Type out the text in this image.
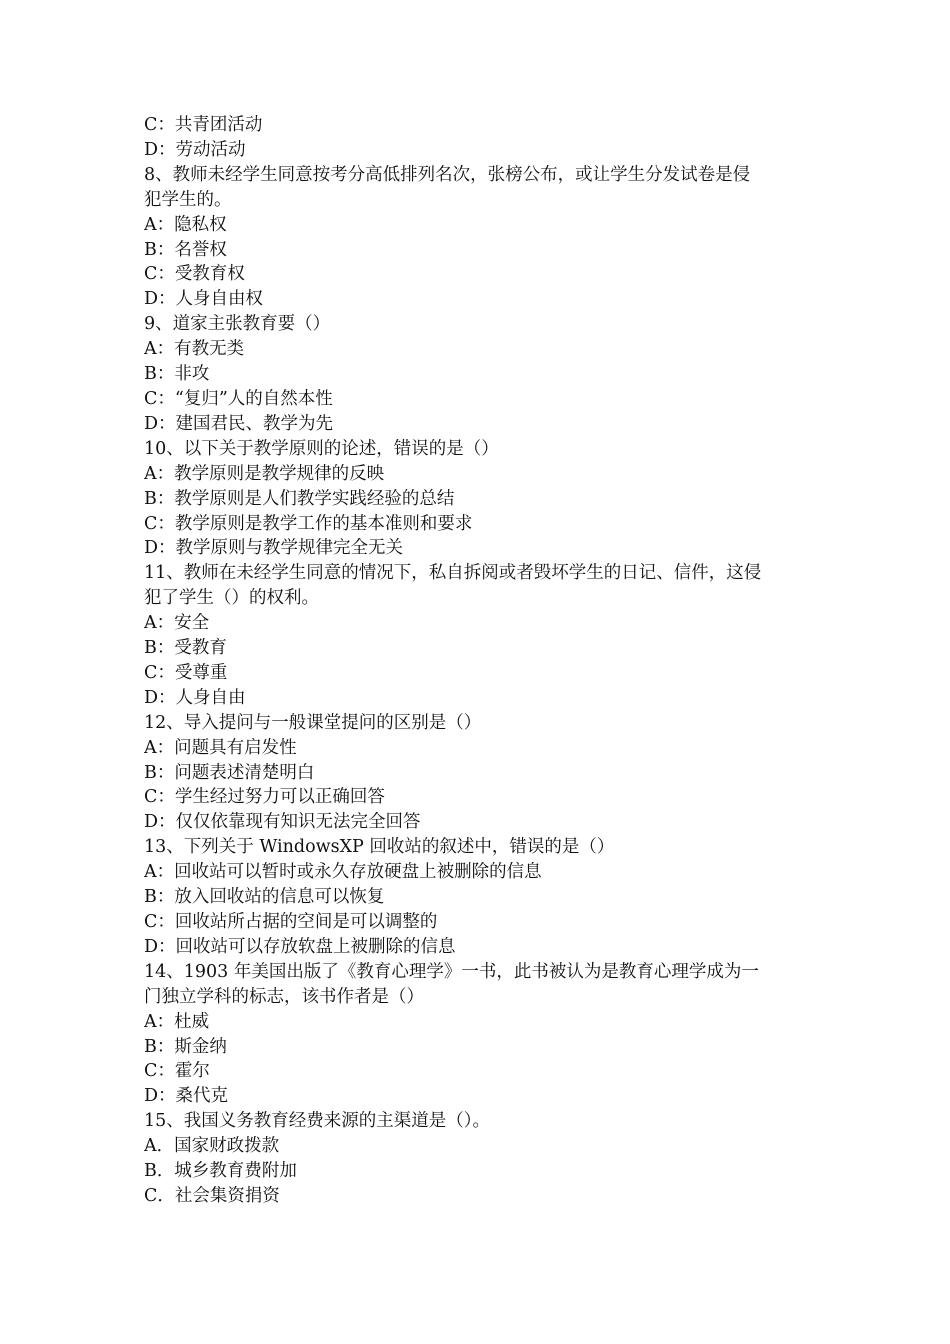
C：共青团活动
D：劳动活动
8、教师未经学生同意按考分高低排列名次，张榜公布，或让学生分发试卷是侵
犯学生的。
A：隐私权
B：名誉权
C：受教育权
D：人身自由权
9、道家主张教育要（）
A：有教无类
B：非攻
C：“复归”人的自然本性
D：建国君民、教学为先
10、以下关于教学原则的论述，错误的是（）
A：教学原则是教学规律的反映
B：教学原则是人们教学实践经验的总结
C：教学原则是教学工作的基本准则和要求
D：教学原则与教学规律完全无关
11、教师在未经学生同意的情况下，私自拆阅或者毁坏学生的日记、信件，这侵
犯了学生（）的权利。
A：安全
B：受教育
C：受尊重
D：人身自由
12、导入提问与一般课堂提问的区别是（）
A：问题具有启发性
B：问题表述清楚明白
C：学生经过努力可以正确回答
D：仅仅依靠现有知识无法完全回答
13、下列关于 WindowsXP 回收站的叙述中，错误的是（）
A：回收站可以暂时或永久存放硬盘上被删除的信息
B：放入回收站的信息可以恢复
C：回收站所占据的空间是可以调整的
D：回收站可以存放软盘上被删除的信息
14、1903 年美国出版了《教育心理学》一书，此书被认为是教育心理学成为一
门独立学科的标志，该书作者是（）
A：杜威
B：斯金纳
C：霍尔
D：桑代克
15、我国义务教育经费来源的主渠道是（）。
A．国家财政拨款
B．城乡教育费附加
C．社会集资捐资
